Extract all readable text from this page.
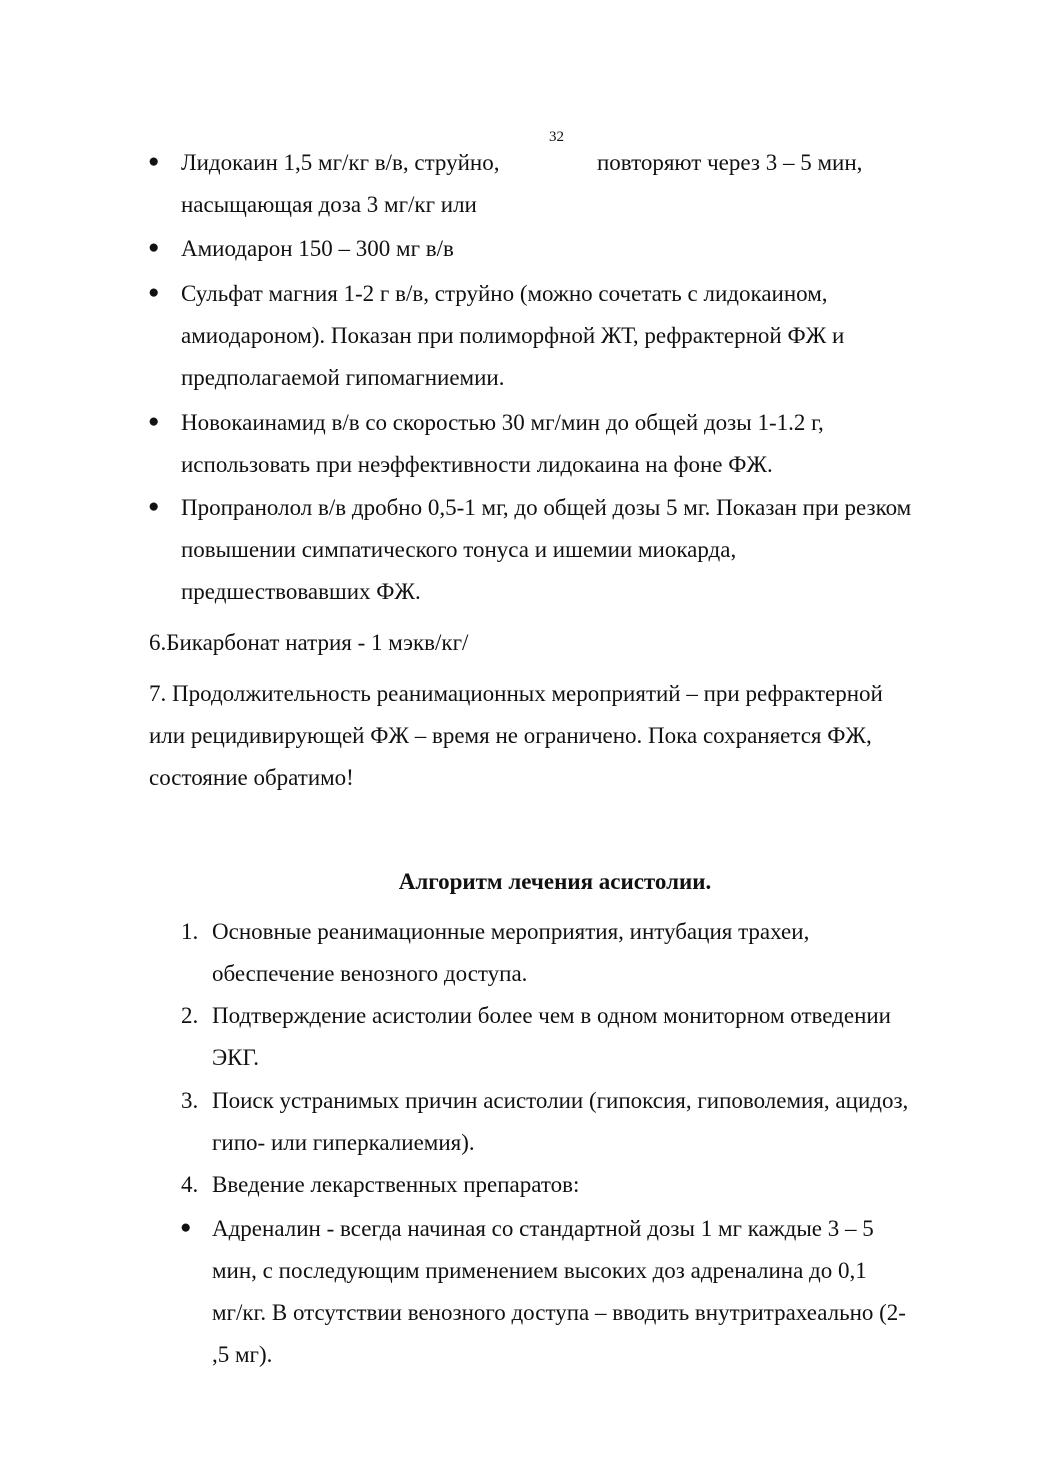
32
● Лидокаин 1,5 мг/кг в/в, струйно,	повторяют через 3 – 5 мин,
насыщающая доза 3 мг/кг или
● Амиодарон 150 – 300 мг в/в
● Сульфат магния 1-2 г в/в, струйно (можно сочетать с лидокаином,
амиодароном). Показан при полиморфной ЖТ, рефрактерной ФЖ и
предполагаемой гипомагниемии.
● Новокаинамид в/в со скоростью 30 мг/мин до общей дозы 1-1.2 г,
использовать при неэффективности лидокаина на фоне ФЖ.
● Пропранолол в/в дробно 0,5-1 мг, до общей дозы 5 мг. Показан при резком
повышении симпатического тонуса и ишемии миокарда,
предшествовавших ФЖ.
6.Бикарбонат натрия - 1 мэкв/кг/
7. Продолжительность реанимационных мероприятий – при рефрактерной
или рецидивирующей ФЖ – время не ограничено. Пока сохраняется ФЖ,
состояние обратимо!
Алгоритм лечения асистолии.
1. Основные реанимационные мероприятия, интубация трахеи,
обеспечение венозного доступа.
2. Подтверждение асистолии более чем в одном мониторном отведении
ЭКГ.
3. Поиск устранимых причин асистолии (гипоксия, гиповолемия, ацидоз,
гипо- или гиперкалиемия).
4. Введение лекарственных препаратов:
● Адреналин - всегда начиная со стандартной дозы 1 мг каждые 3 – 5
мин, с последующим применением высоких доз адреналина до 0,1
мг/кг. В отсутствии венозного доступа – вводить внутритрахеально (2-
,5 мг).
